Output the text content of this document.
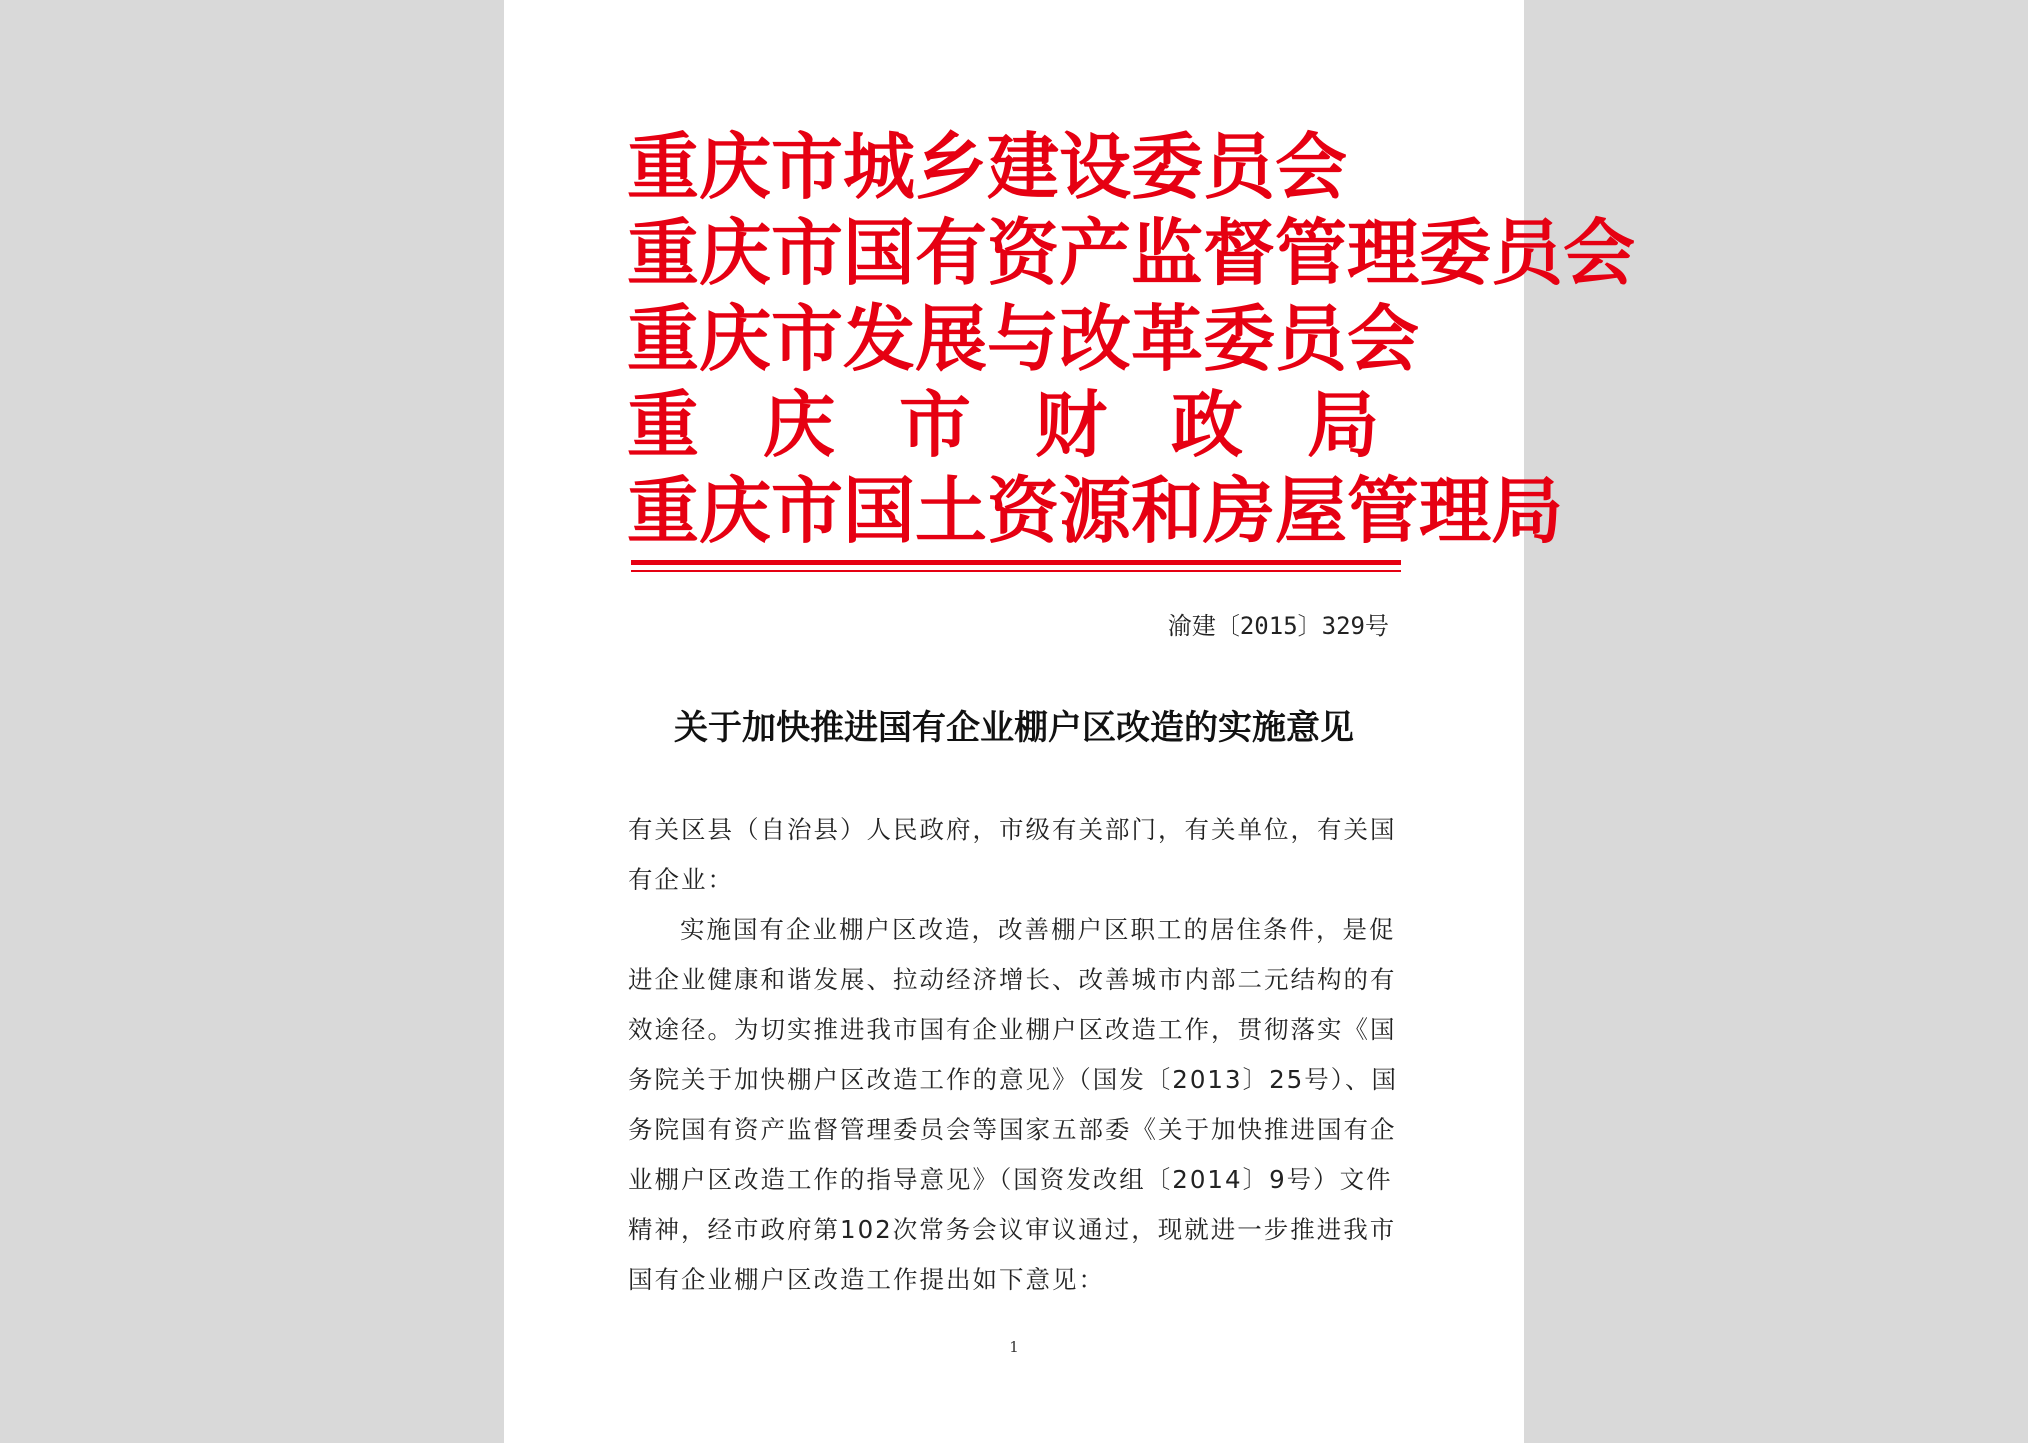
重庆市城乡建设委员会
重庆市国有资产监督管理委员会
重庆市发展与改革委员会
重庆市财政局
重庆市国土资源和房屋管理局
渝建〔2015〕329号
关于加快推进国有企业棚户区改造的实施意见

有关区县（自治县）人民政府，市级有关部门，有关单位，有关国有企业：

实施国有企业棚户区改造，改善棚户区职工的居住条件，是促进企业健康和谐发展、拉动经济增长、改善城市内部二元结构的有效途径。为切实推进我市国有企业棚户区改造工作，贯彻落实《国务院关于加快棚户区改造工作的意见》（国发〔2013〕25号）、国务院国有资产监督管理委员会等国家五部委《关于加快推进国有企业棚户区改造工作的指导意见》（国资发改组〔2014〕9号）文件精神，经市政府第102次常务会议审议通过，现就进一步推进我市国有企业棚户区改造工作提出如下意见：

1
